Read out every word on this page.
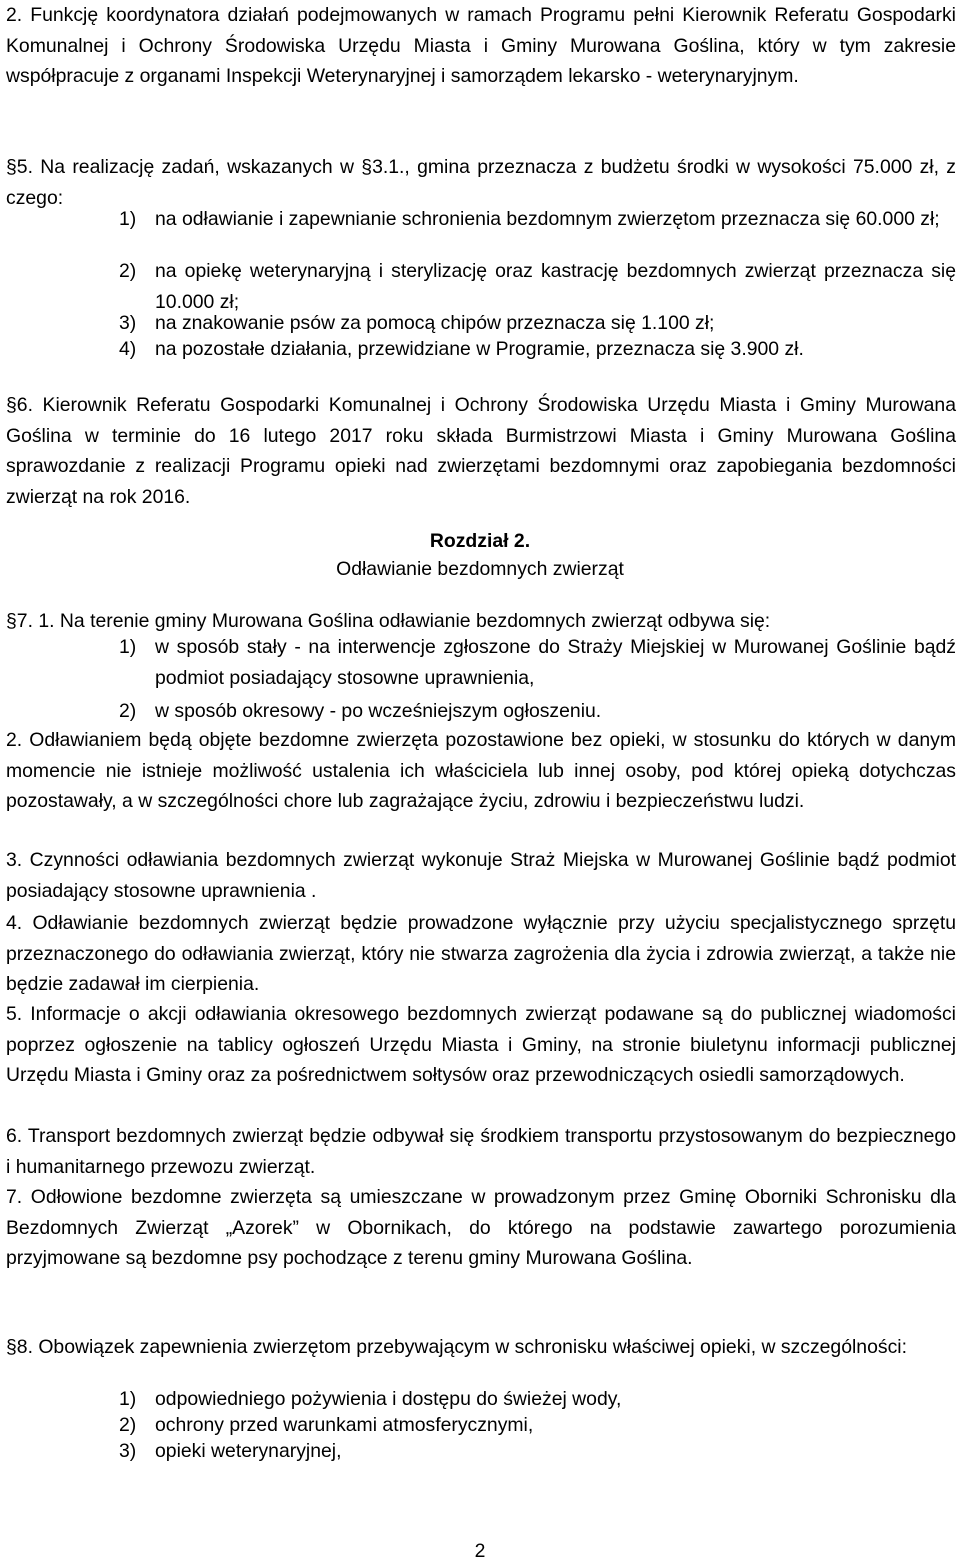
2. Funkcję koordynatora działań podejmowanych w ramach Programu pełni Kierownik Referatu Gospodarki Komunalnej i Ochrony Środowiska Urzędu Miasta i Gminy Murowana Goślina, który w tym zakresie współpracuje z organami Inspekcji Weterynaryjnej i samorządem lekarsko - weterynaryjnym.

§5. Na realizację zadań, wskazanych w §3.1., gmina przeznacza z budżetu środki w wysokości 75.000 zł, z czego:

1) na odławianie i zapewnianie schronienia bezdomnym zwierzętom przeznacza się 60.000 zł;

2) na opiekę weterynaryjną i sterylizację oraz kastrację bezdomnych zwierząt przeznacza się 10.000 zł;

3) na znakowanie psów za pomocą chipów przeznacza się 1.100 zł;

4) na pozostałe działania, przewidziane w Programie, przeznacza się 3.900 zł.

§6. Kierownik Referatu Gospodarki Komunalnej i Ochrony Środowiska Urzędu Miasta i Gminy Murowana Goślina w terminie do 16 lutego 2017 roku składa Burmistrzowi Miasta i Gminy Murowana Goślina sprawozdanie z realizacji Programu opieki nad zwierzętami bezdomnymi oraz zapobiegania bezdomności zwierząt na rok 2016.

Rozdział 2.

Odławianie bezdomnych zwierząt

§7. 1. Na terenie gminy Murowana Goślina odławianie bezdomnych zwierząt odbywa się:

1) w sposób stały - na interwencje zgłoszone do Straży Miejskiej w Murowanej Goślinie bądź podmiot posiadający stosowne uprawnienia,

2) w sposób okresowy - po wcześniejszym ogłoszeniu.

2. Odławianiem będą objęte bezdomne zwierzęta pozostawione bez opieki, w stosunku do których w danym momencie nie istnieje możliwość ustalenia ich właściciela lub innej osoby, pod której opieką dotychczas pozostawały, a w szczególności chore lub zagrażające życiu, zdrowiu i bezpieczeństwu ludzi.

3. Czynności odławiania bezdomnych zwierząt wykonuje Straż Miejska w Murowanej Goślinie bądź podmiot posiadający stosowne uprawnienia .

4. Odławianie bezdomnych zwierząt będzie prowadzone wyłącznie przy użyciu specjalistycznego sprzętu przeznaczonego do odławiania zwierząt, który nie stwarza zagrożenia dla życia i zdrowia zwierząt, a także nie będzie zadawał im cierpienia.

5. Informacje o akcji odławiania okresowego bezdomnych zwierząt podawane są do publicznej wiadomości poprzez ogłoszenie na tablicy ogłoszeń Urzędu Miasta i Gminy, na stronie biuletynu informacji publicznej Urzędu Miasta i Gminy oraz za pośrednictwem sołtysów oraz przewodniczących osiedli samorządowych.

6. Transport bezdomnych zwierząt będzie odbywał się środkiem transportu przystosowanym do bezpiecznego i humanitarnego przewozu zwierząt.

7. Odłowione bezdomne zwierzęta są umieszczane w prowadzonym przez Gminę Oborniki Schronisku dla Bezdomnych Zwierząt „Azorek” w Obornikach, do którego na podstawie zawartego porozumienia przyjmowane są bezdomne psy pochodzące z terenu gminy Murowana Goślina.

§8. Obowiązek zapewnienia zwierzętom przebywającym w schronisku właściwej opieki, w szczególności:

1) odpowiedniego pożywienia i dostępu do świeżej wody,

2) ochrony przed warunkami atmosferycznymi,

3) opieki weterynaryjnej,

2
